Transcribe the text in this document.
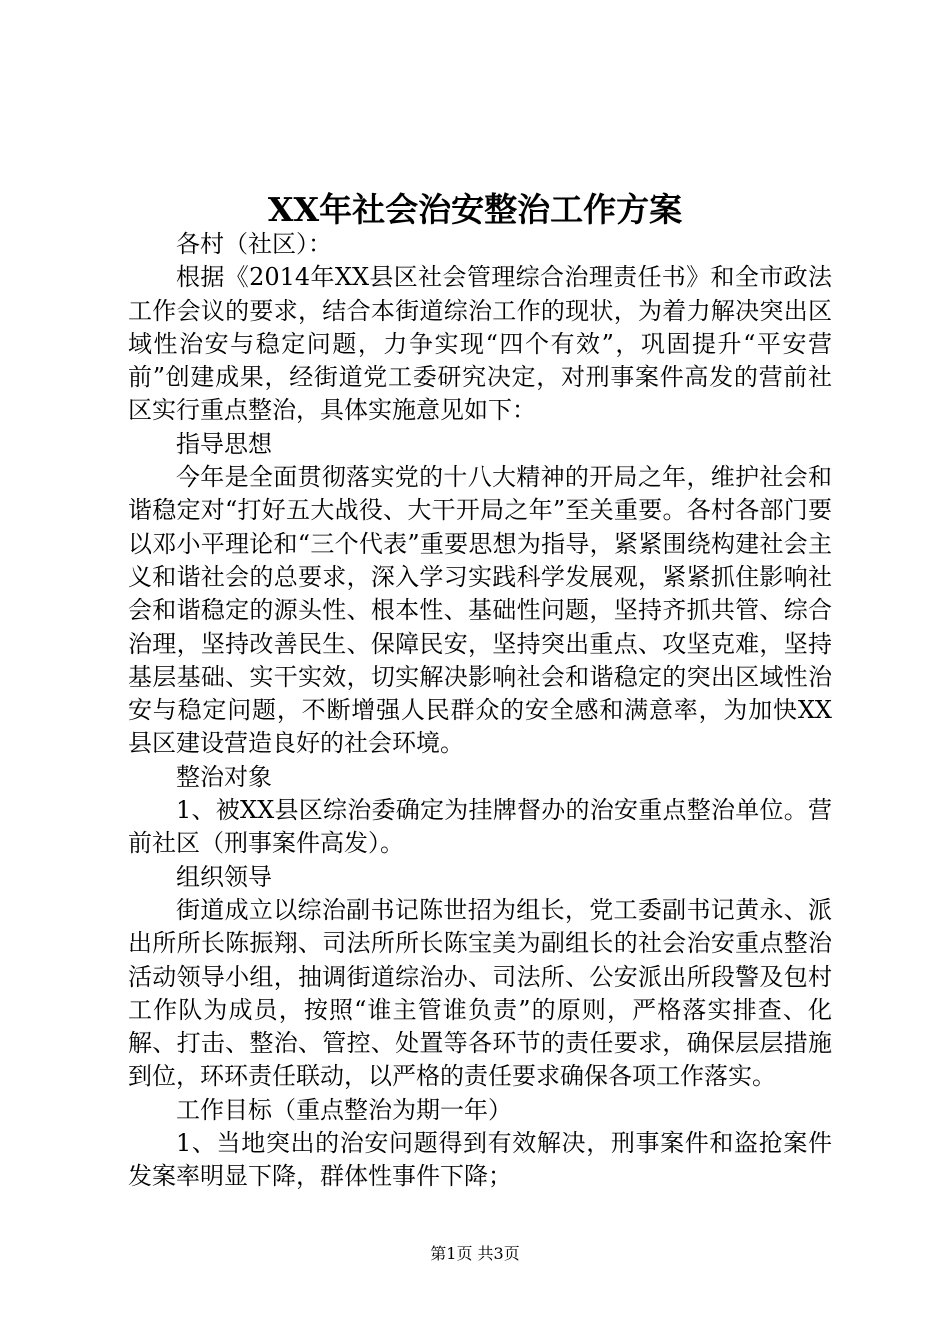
XX年社会治安整治工作方案

各村（社区）：

根据《2014年XX县区社会管理综合治理责任书》和全市政法工作会议的要求，结合本街道综治工作的现状，为着力解决突出区域性治安与稳定问题，力争实现“四个有效”，巩固提升“平安营前”创建成果，经街道党工委研究决定，对刑事案件高发的营前社区实行重点整治，具体实施意见如下：

指导思想

今年是全面贯彻落实党的十八大精神的开局之年，维护社会和谐稳定对“打好五大战役、大干开局之年”至关重要。各村各部门要以邓小平理论和“三个代表”重要思想为指导，紧紧围绕构建社会主义和谐社会的总要求，深入学习实践科学发展观，紧紧抓住影响社会和谐稳定的源头性、根本性、基础性问题，坚持齐抓共管、综合治理，坚持改善民生、保障民安，坚持突出重点、攻坚克难，坚持基层基础、实干实效，切实解决影响社会和谐稳定的突出区域性治安与稳定问题，不断增强人民群众的安全感和满意率，为加快XX县区建设营造良好的社会环境。

整治对象

1、被XX县区综治委确定为挂牌督办的治安重点整治单位。营前社区（刑事案件高发）。

组织领导

街道成立以综治副书记陈世招为组长，党工委副书记黄永、派出所所长陈振翔、司法所所长陈宝美为副组长的社会治安重点整治活动领导小组，抽调街道综治办、司法所、公安派出所段警及包村工作队为成员，按照“谁主管谁负责”的原则，严格落实排查、化解、打击、整治、管控、处置等各环节的责任要求，确保层层措施到位，环环责任联动，以严格的责任要求确保各项工作落实。

工作目标（重点整治为期一年）

1、当地突出的治安问题得到有效解决，刑事案件和盗抢案件发案率明显下降，群体性事件下降；

第1页 共3页
